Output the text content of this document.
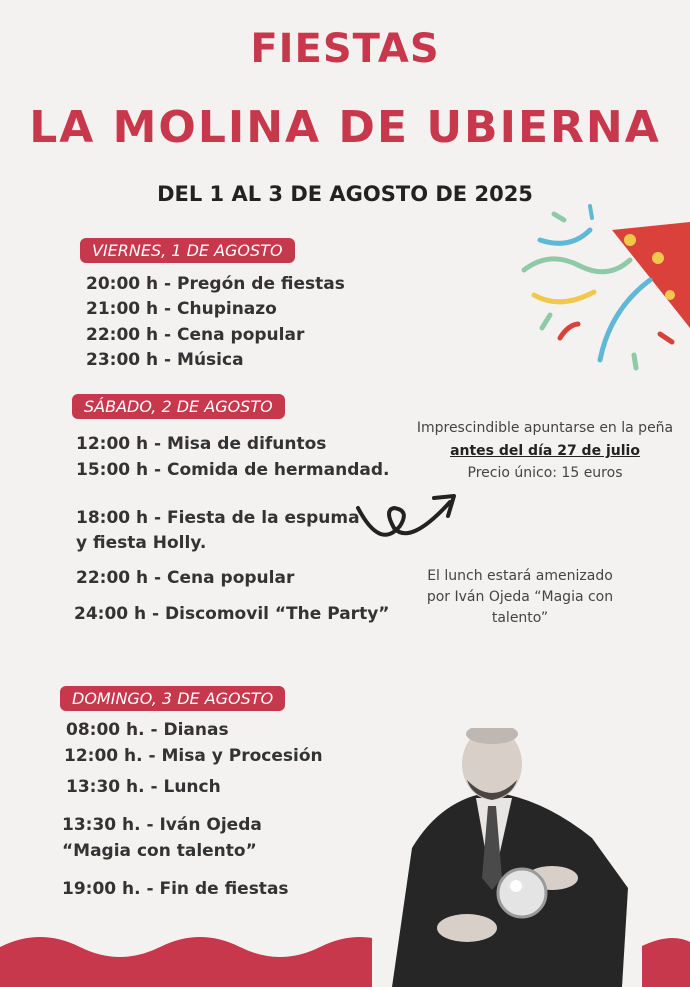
FIESTAS
LA MOLINA DE UBIERNA
DEL 1 AL 3 DE AGOSTO DE 2025
VIERNES, 1 DE AGOSTO
20:00 h - Pregón de fiestas
21:00 h - Chupinazo
22:00 h - Cena popular
23:00 h - Música
SÁBADO, 2 DE AGOSTO
12:00 h - Misa de difuntos
15:00 h - Comida de hermandad.
18:00 h - Fiesta de la espuma
y fiesta Holly.
22:00 h - Cena popular
24:00 h - Discomovil “The Party”
Imprescindible apuntarse en la peña
antes del día 27 de julio
Precio único: 15 euros
El lunch estará amenizado
por Iván Ojeda “Magia con
talento”
DOMINGO, 3 DE AGOSTO
08:00 h. - Dianas
12:00 h. - Misa y Procesión
13:30 h. - Lunch
13:30 h. - Iván Ojeda
“Magia con talento”
19:00 h. - Fin de fiestas
